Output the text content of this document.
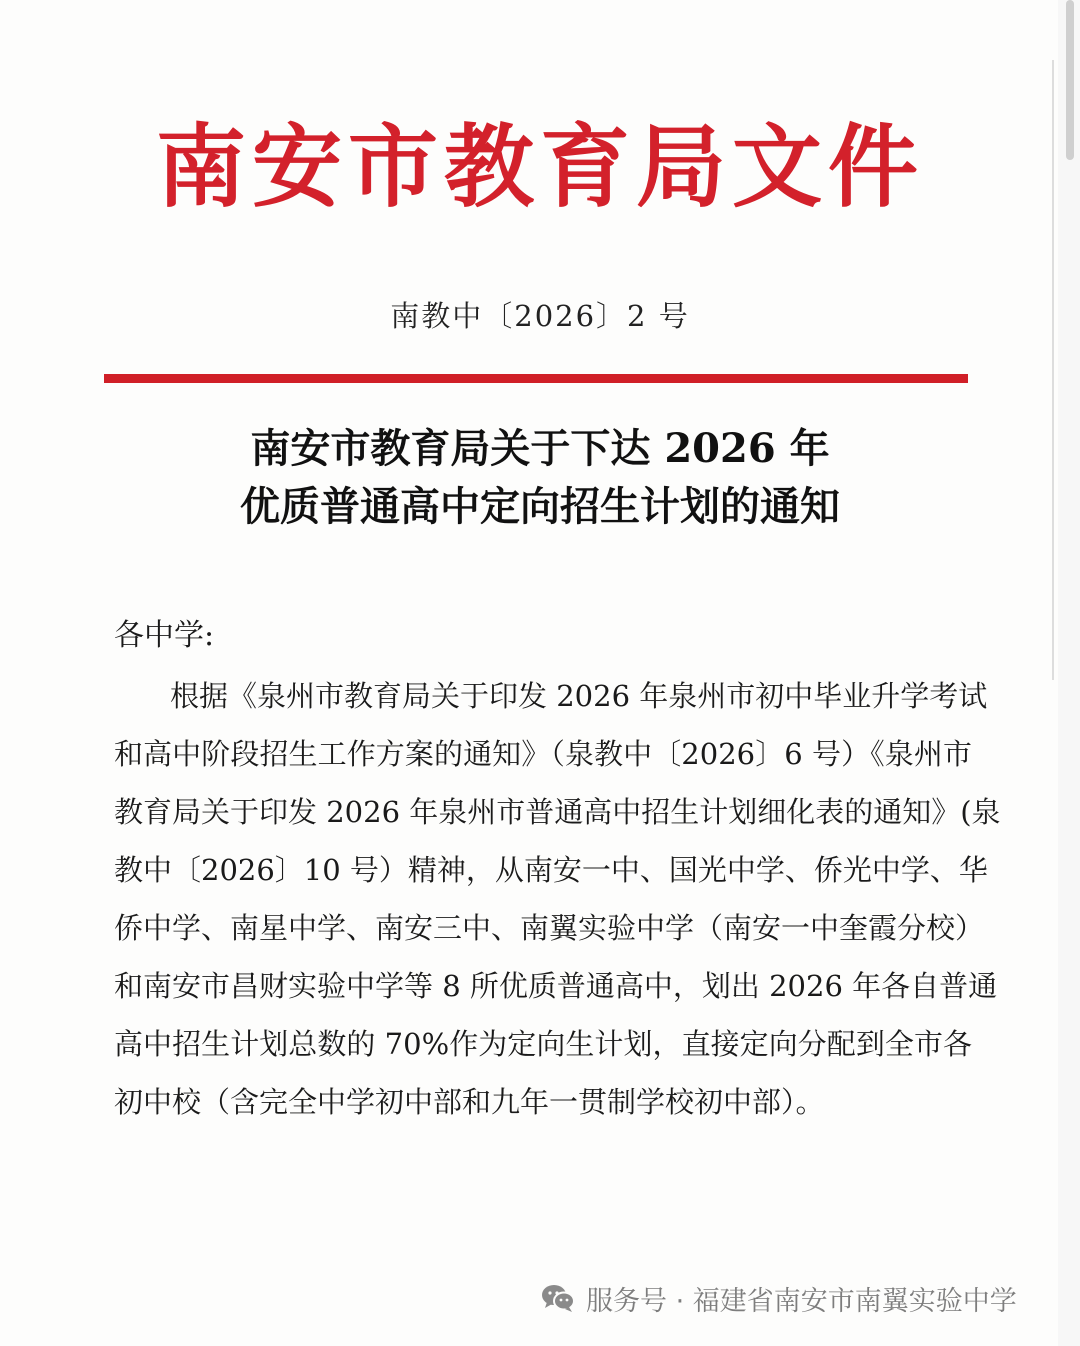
南安市教育局文件
南教中〔2026〕2 号
南安市教育局关于下达 2026 年
优质普通高中定向招生计划的通知
各中学:
根据《泉州市教育局关于印发 2026 年泉州市初中毕业升学考试
和高中阶段招生工作方案的通知》（泉教中〔2026〕6 号）《泉州市
教育局关于印发 2026 年泉州市普通高中招生计划细化表的通知》(泉
教中〔2026〕10 号）精神，从南安一中、国光中学、侨光中学、华
侨中学、南星中学、南安三中、南翼实验中学（南安一中奎霞分校）
和南安市昌财实验中学等 8 所优质普通高中，划出 2026 年各自普通
高中招生计划总数的 70%作为定向生计划，直接定向分配到全市各
初中校（含完全中学初中部和九年一贯制学校初中部）。
服务号 · 福建省南安市南翼实验中学
